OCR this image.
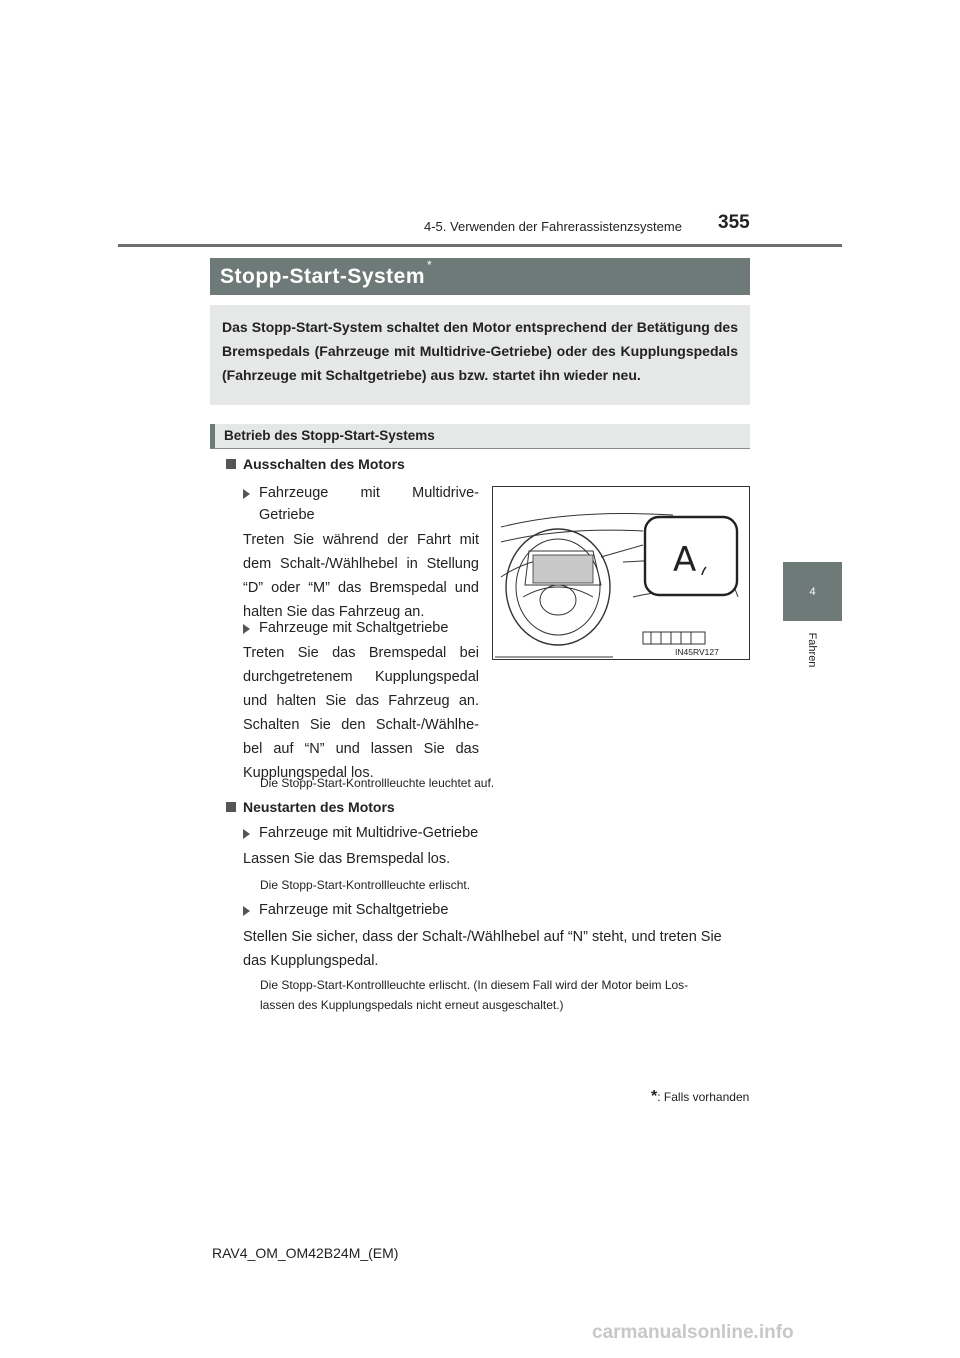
4-5. Verwenden der Fahrerassistenzsysteme 355
4
Fahren
Stopp-Start-System *
Das Stopp-Start-System schaltet den Motor entsprechend der Betätigung des Bremspedals (Fahrzeuge mit Multidrive-Getriebe) oder des Kupplungspedals (Fahrzeuge mit Schaltgetriebe) aus bzw. startet ihn wieder neu.
Betrieb des Stopp-Start-Systems
Ausschalten des Motors
Fahrzeuge mit Multidrive-
Getriebe
Treten Sie während der Fahrt mit
dem Schalt-/Wählhebel in Stellung
“D” oder “M” das Bremspedal und
halten Sie das Fahrzeug an.
Fahrzeuge mit Schaltgetriebe
Treten Sie das Bremspedal bei
durchgetretenem Kupplungspedal
und halten Sie das Fahrzeug an.
Schalten Sie den Schalt-/Wählhe-
bel auf “N” und lassen Sie das
Kupplungspedal los.
Die Stopp-Start-Kontrollleuchte leuchtet auf.
Neustarten des Motors
Fahrzeuge mit Multidrive-Getriebe
Lassen Sie das Bremspedal los.
Die Stopp-Start-Kontrollleuchte erlischt.
Fahrzeuge mit Schaltgetriebe
Stellen Sie sicher, dass der Schalt-/Wählhebel auf “N” steht, und treten Sie
das Kupplungspedal.
Die Stopp-Start-Kontrollleuchte erlischt. (In diesem Fall wird der Motor beim Los-
lassen des Kupplungspedals nicht erneut ausgeschaltet.)
A
IN45RV127
*: Falls vorhanden
RAV4_OM_OM42B24M_(EM)
carmanualsonline.info
